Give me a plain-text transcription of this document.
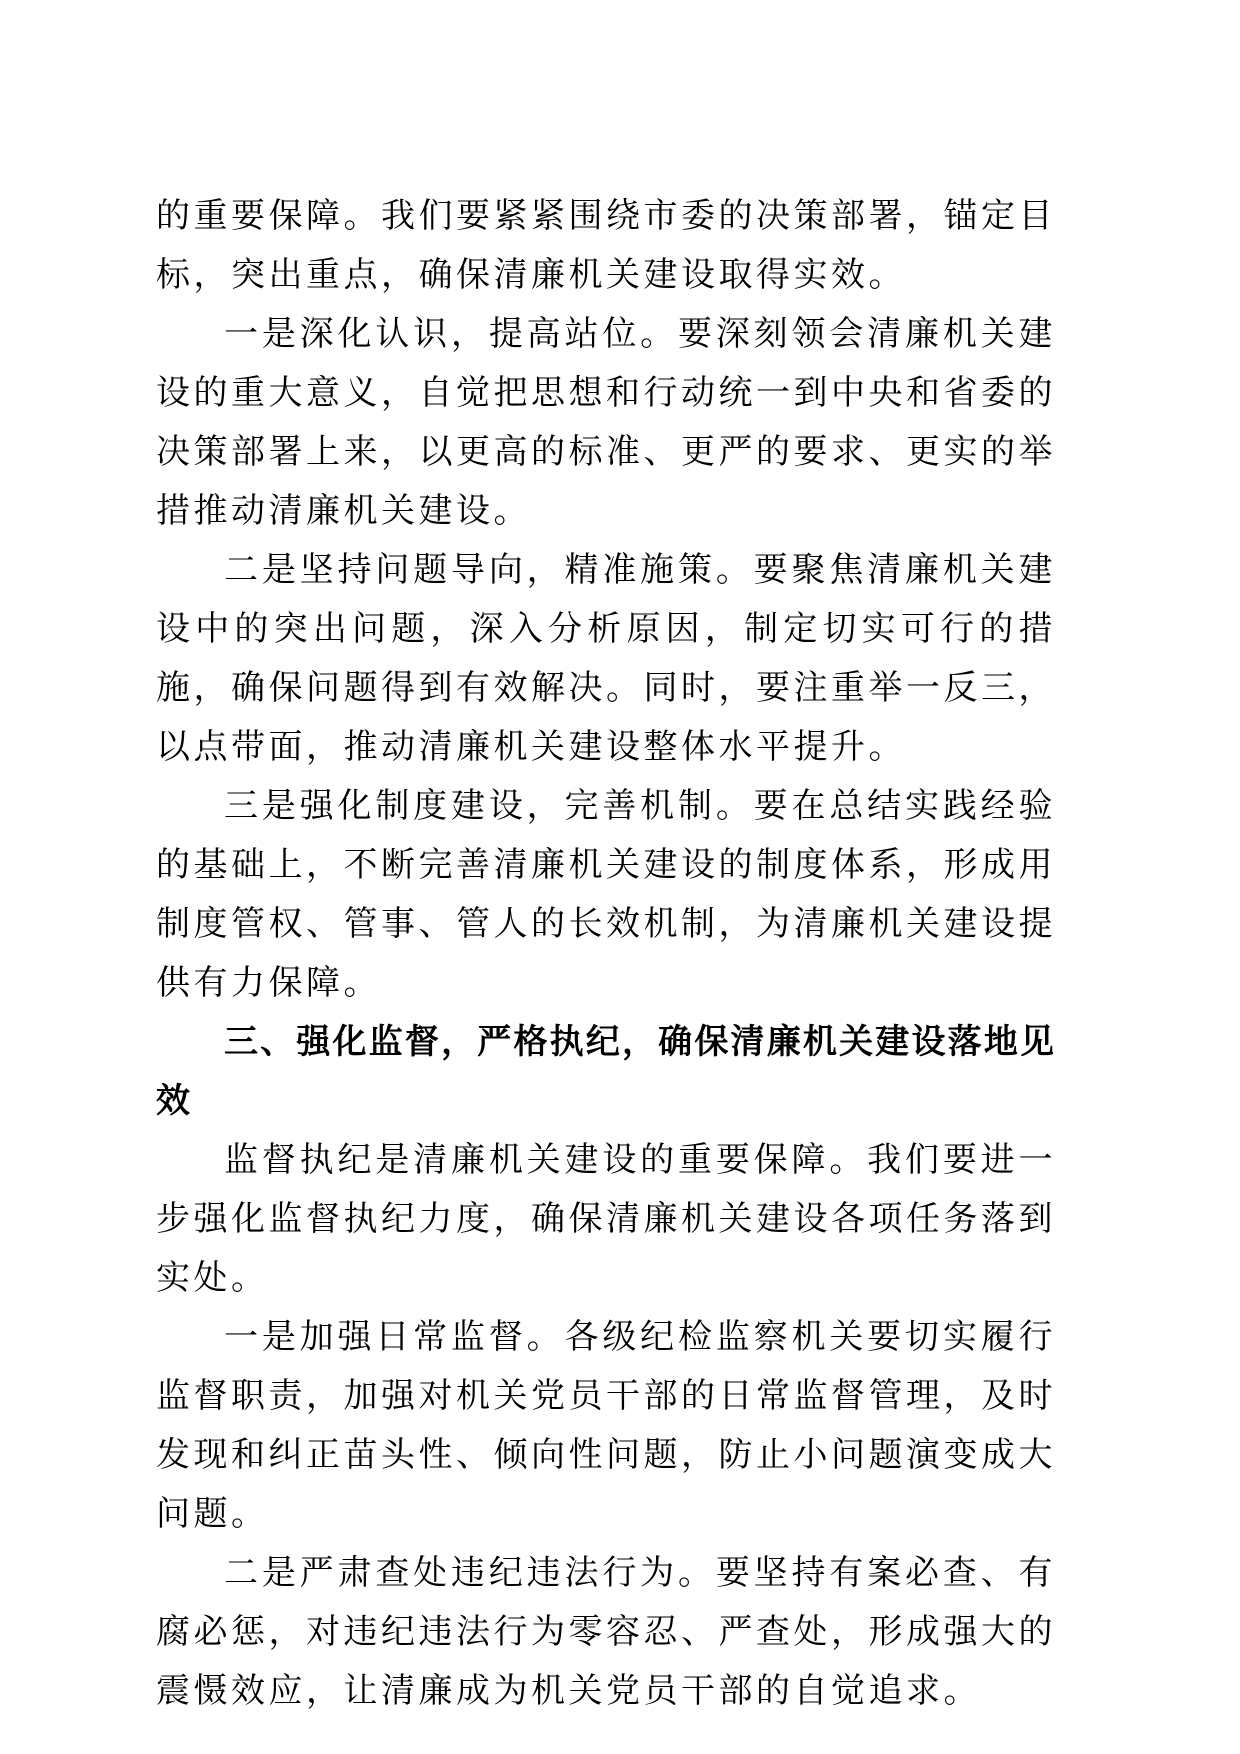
的重要保障。我们要紧紧围绕市委的决策部署，锚定目标，突出重点，确保清廉机关建设取得实效。

一是深化认识，提高站位。要深刻领会清廉机关建设的重大意义，自觉把思想和行动统一到中央和省委的决策部署上来，以更高的标准、更严的要求、更实的举措推动清廉机关建设。

二是坚持问题导向，精准施策。要聚焦清廉机关建设中的突出问题，深入分析原因，制定切实可行的措施，确保问题得到有效解决。同时，要注重举一反三，以点带面，推动清廉机关建设整体水平提升。

三是强化制度建设，完善机制。要在总结实践经验的基础上，不断完善清廉机关建设的制度体系，形成用制度管权、管事、管人的长效机制，为清廉机关建设提供有力保障。

三、强化监督，严格执纪，确保清廉机关建设落地见效

监督执纪是清廉机关建设的重要保障。我们要进一步强化监督执纪力度，确保清廉机关建设各项任务落到实处。

一是加强日常监督。各级纪检监察机关要切实履行监督职责，加强对机关党员干部的日常监督管理，及时发现和纠正苗头性、倾向性问题，防止小问题演变成大问题。

二是严肃查处违纪违法行为。要坚持有案必查、有腐必惩，对违纪违法行为零容忍、严查处，形成强大的震慑效应，让清廉成为机关党员干部的自觉追求。
